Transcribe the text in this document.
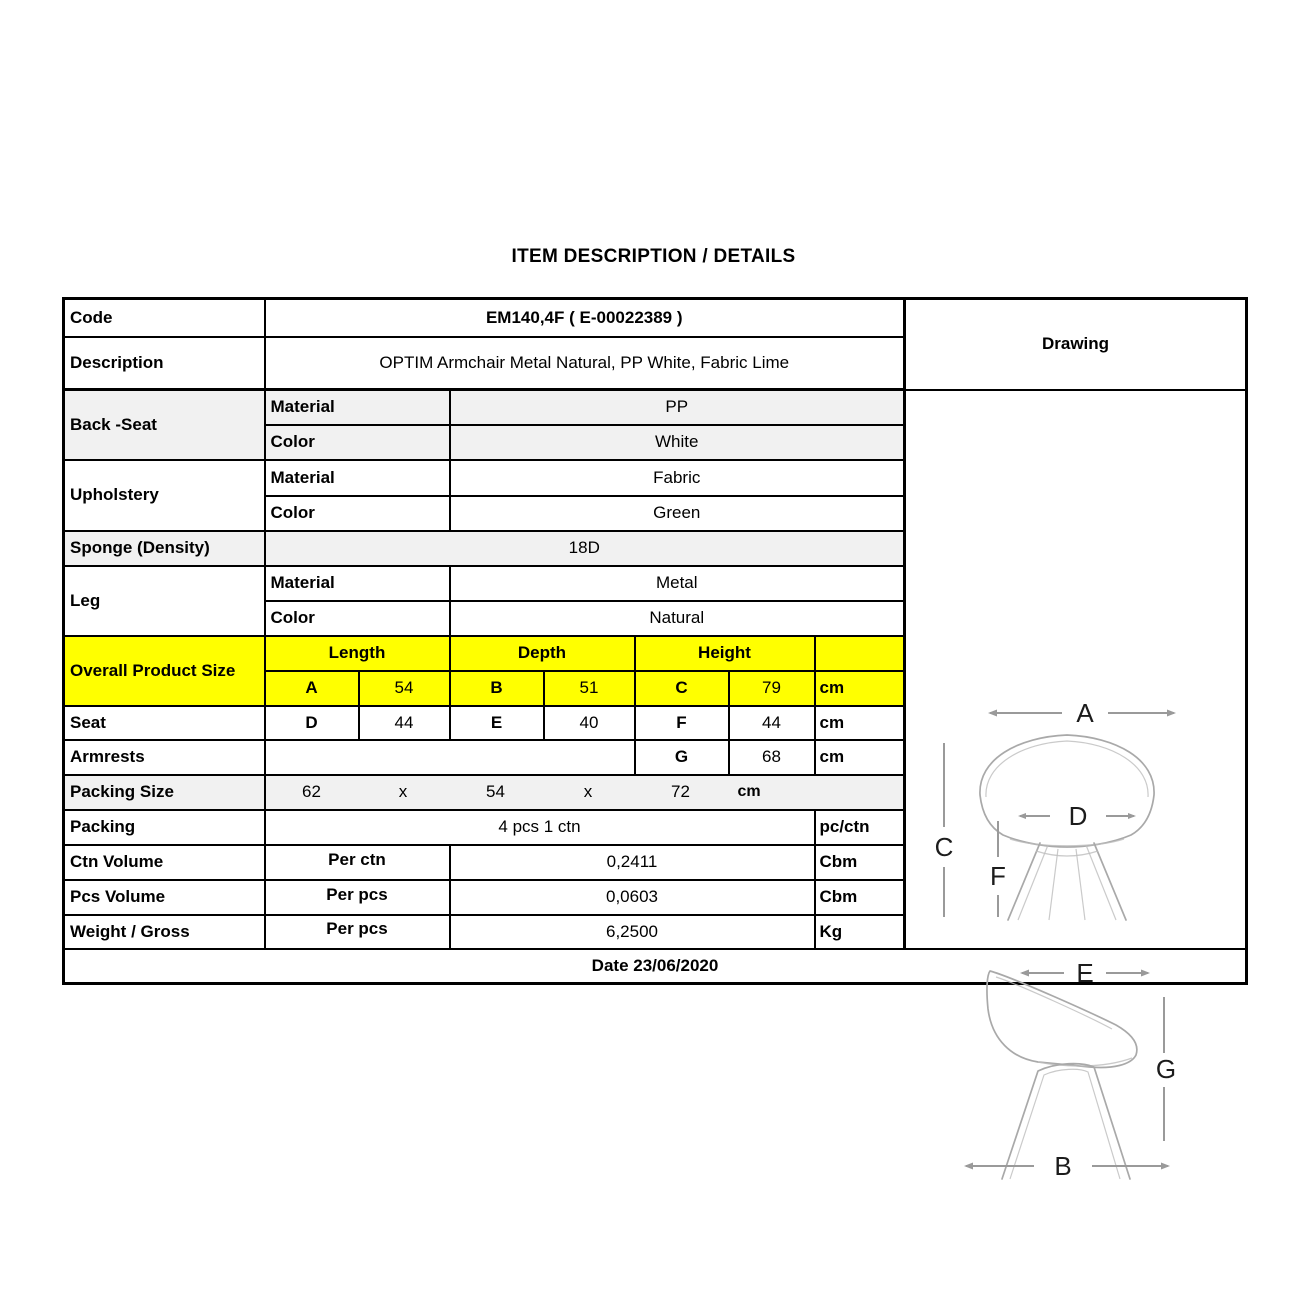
ITEM DESCRIPTION / DETAILS
Code	EM140,4F ( E-00022389 )							Drawing
Description	OPTIM Armchair Metal Natural, PP White, Fabric Lime							
Back -Seat	Material	PP	
A
D
C
F
E
G
B

	Color		White					
Upholstery	Material		Fabric					
	Color		Green					
Sponge (Density)	18D							
Leg	Material		Metal					
	Color		Natural					
Overall Product Size	Length		Depth		Height			
	A	54	B	51	C	79	cm	
Seat	D	44	E	40	F	44	cm	
Armrests					G	68	cm	
Packing Size	62	x	54	x	72	cm

Packing	4 pcs 1 ctn						pc/ctn	
Ctn Volume	Per ctn		0,2411				Cbm	
Pcs Volume	Per pcs		0,0603				Cbm	
Weight / Gross	Per pcs		6,2500				Kg	
Date 23/06/2020								
